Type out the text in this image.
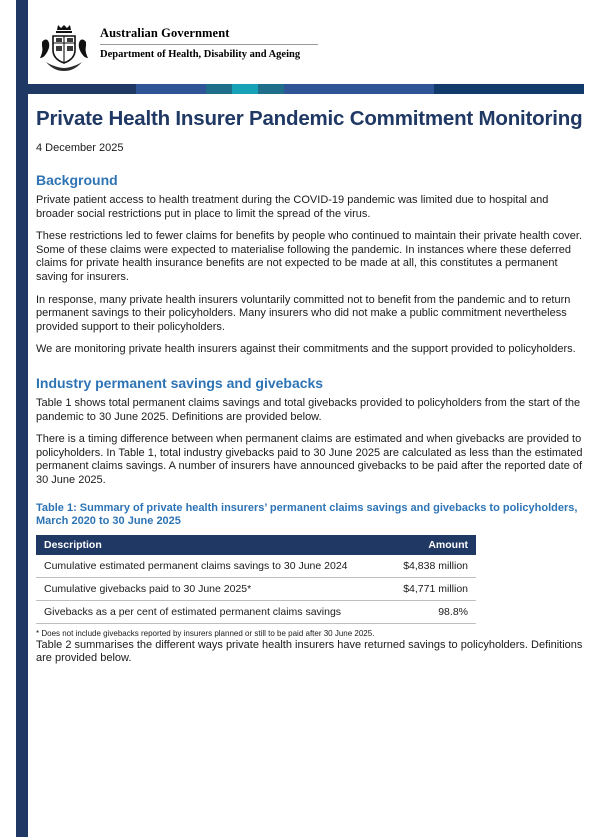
Australian Government
Department of Health, Disability and Ageing
Private Health Insurer Pandemic Commitment Monitoring
4 December 2025
Background

Private patient access to health treatment during the COVID-19 pandemic was limited due to hospital and broader social restrictions put in place to limit the spread of the virus.

These restrictions led to fewer claims for benefits by people who continued to maintain their private health cover. Some of these claims were expected to materialise following the pandemic. In instances where these deferred claims for private health insurance benefits are not expected to be made at all, this constitutes a permanent saving for insurers.

In response, many private health insurers voluntarily committed not to benefit from the pandemic and to return permanent savings to their policyholders. Many insurers who did not make a public commitment nevertheless provided support to their policyholders.

We are monitoring private health insurers against their commitments and the support provided to policyholders.

Industry permanent savings and givebacks

Table 1 shows total permanent claims savings and total givebacks provided to policyholders from the start of the pandemic to 30 June 2025. Definitions are provided below.

There is a timing difference between when permanent claims are estimated and when givebacks are provided to policyholders. In Table 1, total industry givebacks paid to 30 June 2025 are calculated as less than the estimated permanent claims savings. A number of insurers have announced givebacks to be paid after the reported date of 30 June 2025.

Table 1: Summary of private health insurers’ permanent claims savings and givebacks to policyholders, March 2020 to 30 June 2025
Description	Amount
Cumulative estimated permanent claims savings to 30 June 2024	$4,838 million
Cumulative givebacks paid to 30 June 2025*	$4,771 million
Givebacks as a per cent of estimated permanent claims savings	98.8%
* Does not include givebacks reported by insurers planned or still to be paid after 30 June 2025.

Table 2 summarises the different ways private health insurers have returned savings to policyholders. Definitions are provided below.
